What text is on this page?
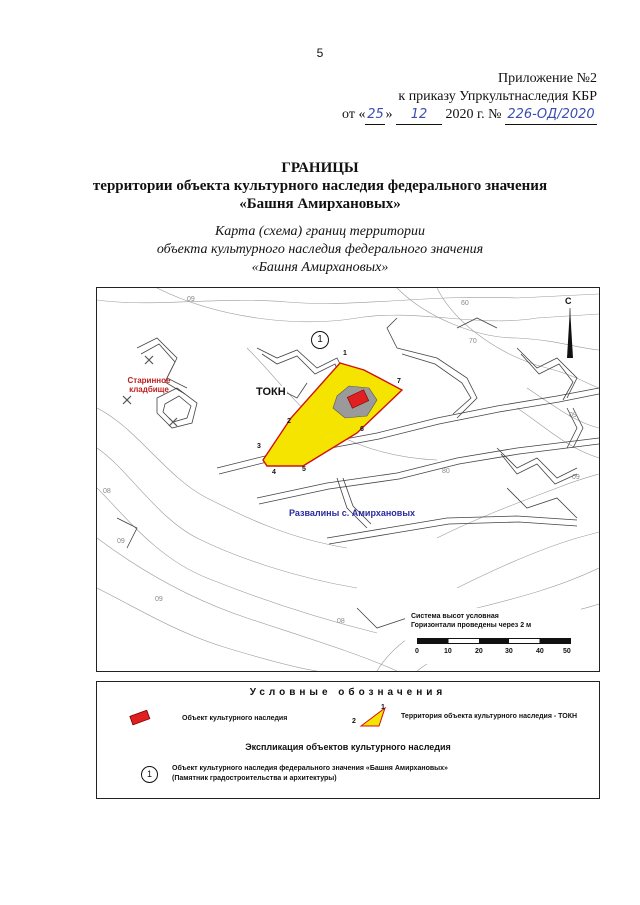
5
Приложение №2
к приказу Упркультнаследия КБР
от « 25 » 12 2020 г. № 226-ОД/2020
ГРАНИЦЫ
территории объекта культурного наследия федерального значения
«Башня Амирхановых»
Карта (схема) границ территории
объекта культурного наследия федерального значения
«Башня Амирхановых»
09
60
70
09
80
09
08
09
09
08
С
1
1
2
3
4	5
6
7
ТОКН
Старинное
кладбище
Развалины с. Амирхановых
Система высот условная
Горизонтали проведены через 2 м
0	10	20	30	40	50
Условные обозначения
Объект культурного наследия
1
2
Территория объекта культурного наследия - ТОКН
Экспликация объектов культурного наследия
1
Объект культурного наследия федерального значения «Башня Амирхановых»
(Памятник градостроительства и архитектуры)
